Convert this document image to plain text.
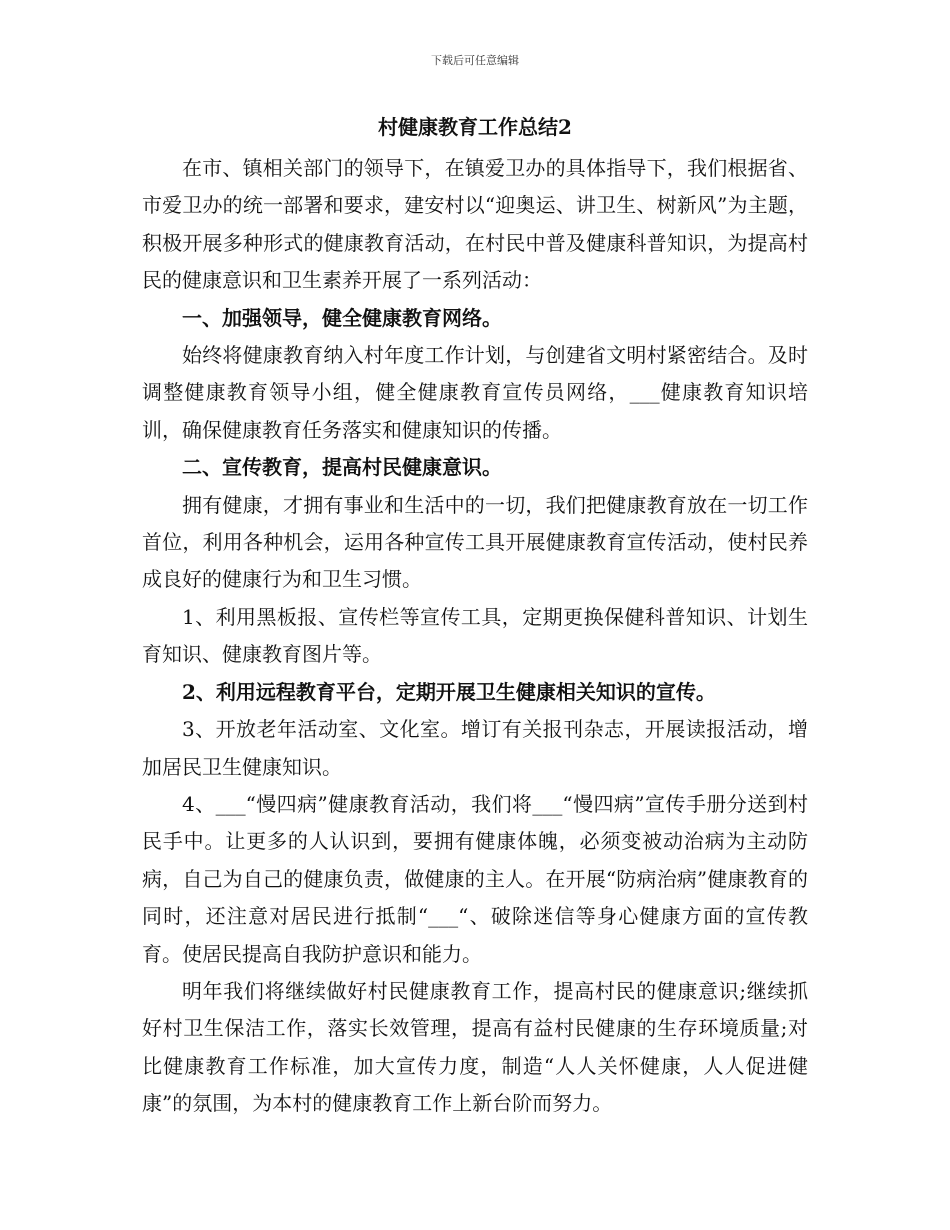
下载后可任意编辑
村健康教育工作总结2

在市、镇相关部门的领导下，在镇爱卫办的具体指导下，我们根据省、市爱卫办的统一部署和要求，建安村以“迎奥运、讲卫生、树新风”为主题，积极开展多种形式的健康教育活动，在村民中普及健康科普知识，为提高村民的健康意识和卫生素养开展了一系列活动：

一、加强领导，健全健康教育网络。

始终将健康教育纳入村年度工作计划，与创建省文明村紧密结合。及时调整健康教育领导小组，健全健康教育宣传员网络，___健康教育知识培训，确保健康教育任务落实和健康知识的传播。

二、宣传教育，提高村民健康意识。

拥有健康，才拥有事业和生活中的一切，我们把健康教育放在一切工作首位，利用各种机会，运用各种宣传工具开展健康教育宣传活动，使村民养成良好的健康行为和卫生习惯。

1、利用黑板报、宣传栏等宣传工具，定期更换保健科普知识、计划生育知识、健康教育图片等。

2、利用远程教育平台，定期开展卫生健康相关知识的宣传。

3、开放老年活动室、文化室。增订有关报刊杂志，开展读报活动，增加居民卫生健康知识。

4、___“慢四病”健康教育活动，我们将___“慢四病”宣传手册分送到村民手中。让更多的人认识到，要拥有健康体魄，必须变被动治病为主动防病，自己为自己的健康负责，做健康的主人。在开展“防病治病”健康教育的同时，还注意对居民进行抵制“___“、破除迷信等身心健康方面的宣传教育。使居民提高自我防护意识和能力。

明年我们将继续做好村民健康教育工作，提高村民的健康意识;继续抓好村卫生保洁工作，落实长效管理，提高有益村民健康的生存环境质量;对比健康教育工作标准，加大宣传力度，制造“人人关怀健康，人人促进健康”的氛围，为本村的健康教育工作上新台阶而努力。
